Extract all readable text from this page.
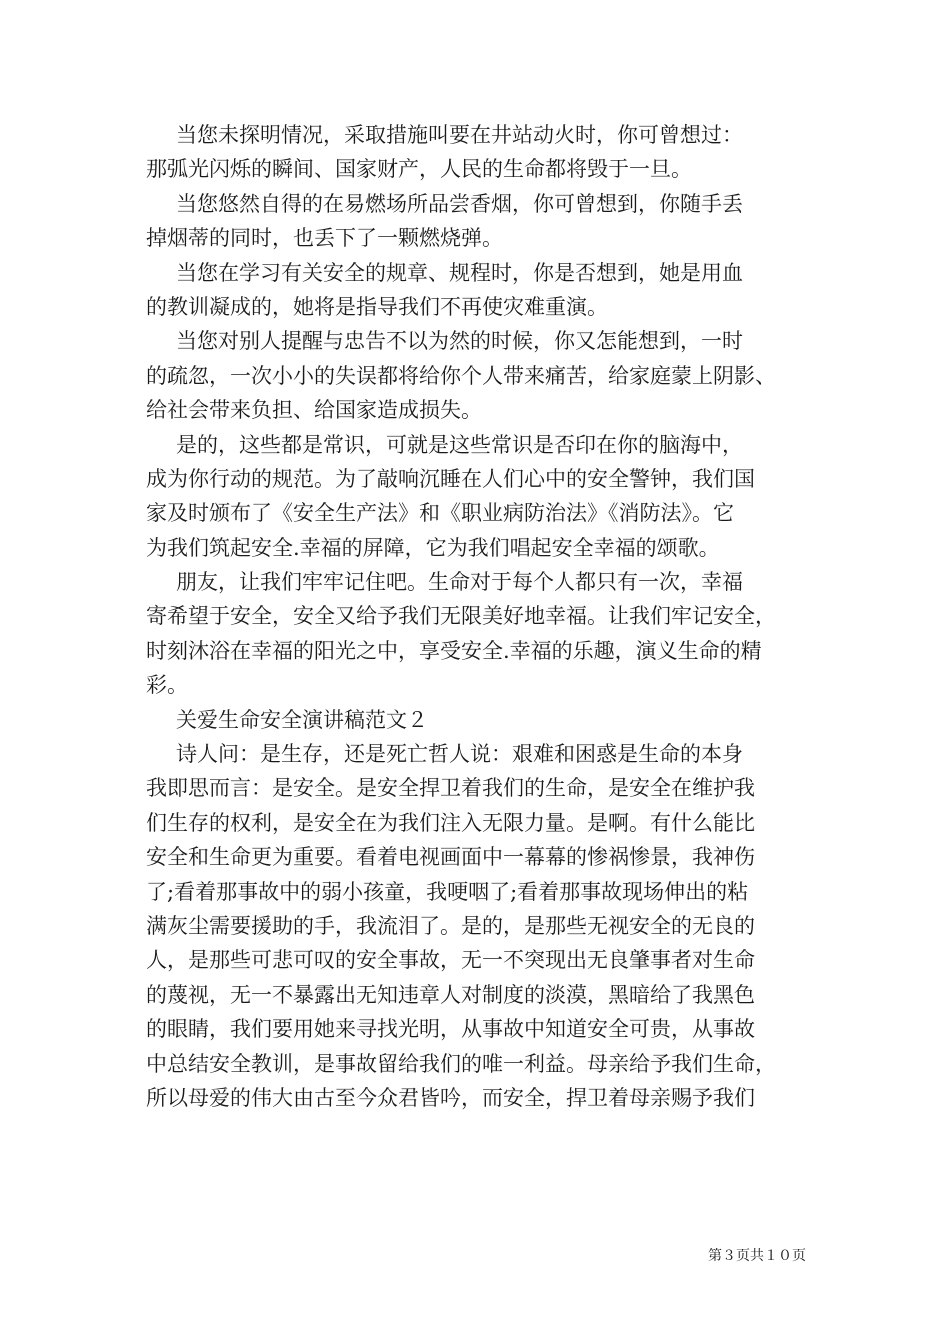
当您未探明情况，采取措施叫要在井站动火时，你可曾想过：
那弧光闪烁的瞬间、国家财产，人民的生命都将毁于一旦。
当您悠然自得的在易燃场所品尝香烟，你可曾想到，你随手丢
掉烟蒂的同时，也丢下了一颗燃烧弹。
当您在学习有关安全的规章、规程时，你是否想到，她是用血
的教训凝成的，她将是指导我们不再使灾难重演。
当您对别人提醒与忠告不以为然的时候，你又怎能想到，一时
的疏忽，一次小小的失误都将给你个人带来痛苦，给家庭蒙上阴影、
给社会带来负担、给国家造成损失。
是的，这些都是常识，可就是这些常识是否印在你的脑海中，
成为你行动的规范。为了敲响沉睡在人们心中的安全警钟，我们国
家及时颁布了《安全生产法》和《职业病防治法》《消防法》。它
为我们筑起安全.幸福的屏障，它为我们唱起安全幸福的颂歌。
朋友，让我们牢牢记住吧。生命对于每个人都只有一次，幸福
寄希望于安全，安全又给予我们无限美好地幸福。让我们牢记安全，
时刻沐浴在幸福的阳光之中，享受安全.幸福的乐趣，演义生命的精
彩。
关爱生命安全演讲稿范文２
诗人问：是生存，还是死亡哲人说：艰难和困惑是生命的本身
我即思而言：是安全。是安全捍卫着我们的生命，是安全在维护我
们生存的权利，是安全在为我们注入无限力量。是啊。有什么能比
安全和生命更为重要。看着电视画面中一幕幕的惨祸惨景，我神伤
了;看着那事故中的弱小孩童，我哽咽了;看着那事故现场伸出的粘
满灰尘需要援助的手，我流泪了。是的，是那些无视安全的无良的
人，是那些可悲可叹的安全事故，无一不突现出无良肇事者对生命
的蔑视，无一不暴露出无知违章人对制度的淡漠，黑暗给了我黑色
的眼睛，我们要用她来寻找光明，从事故中知道安全可贵，从事故
中总结安全教训，是事故留给我们的唯一利益。母亲给予我们生命，
所以母爱的伟大由古至今众君皆吟，而安全，捍卫着母亲赐予我们
第３页共１０页
